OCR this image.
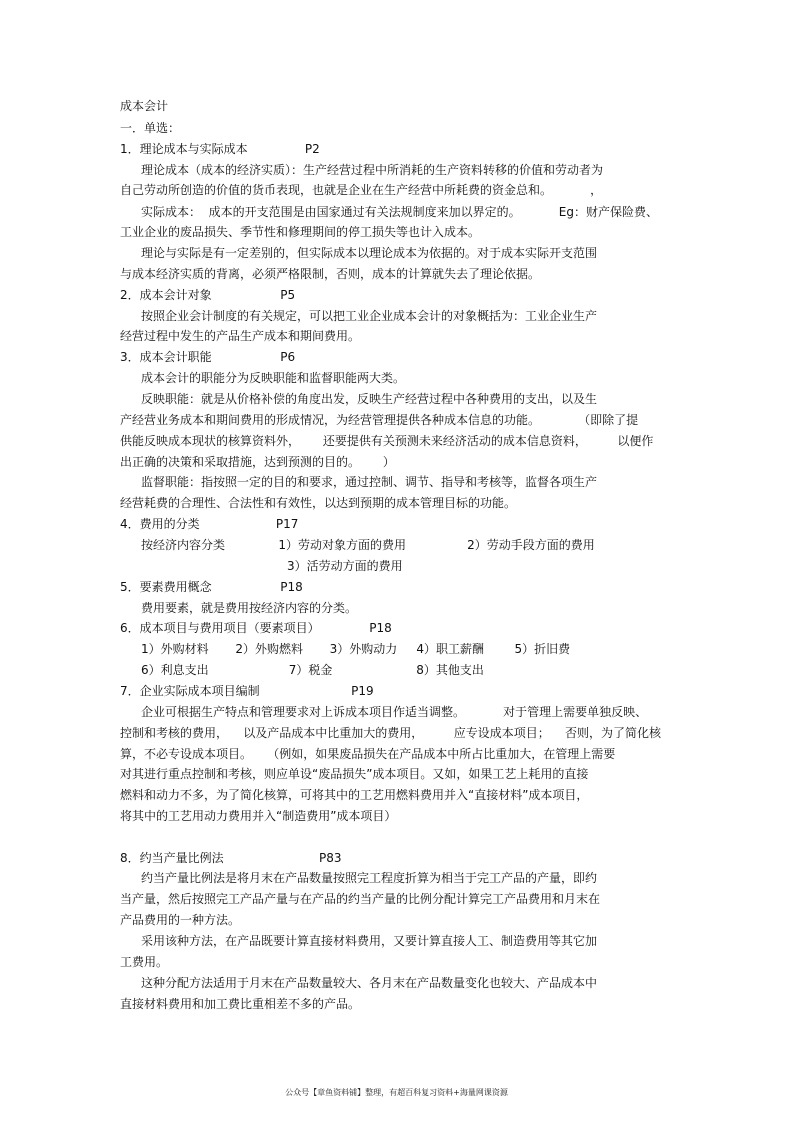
成本会计
一．单选：
1．理论成本与实际成本               P2
理论成本（成本的经济实质）：生产经营过程中所消耗的生产资料转移的价值和劳动者为
自己劳动所创造的价值的货币表现，也就是企业在生产经营中所耗费的资金总和。          ，
实际成本：  成本的开支范围是由国家通过有关法规制度来加以界定的。          Eg：财产保险费、
工业企业的废品损失、季节性和修理期间的停工损失等也计入成本。
理论与实际是有一定差别的，但实际成本以理论成本为依据的。对于成本实际开支范围
与成本经济实质的背离，必须严格限制，否则，成本的计算就失去了理论依据。
2．成本会计对象                  P5
按照企业会计制度的有关规定，可以把工业企业成本会计的对象概括为：工业企业生产
经营过程中发生的产品生产成本和期间费用。
3．成本会计职能                  P6
成本会计的职能分为反映职能和监督职能两大类。
反映职能：就是从价格补偿的角度出发，反映生产经营过程中各种费用的支出，以及生
产经营业务成本和期间费用的形成情况，为经营管理提供各种成本信息的功能。          （即除了提
供能反映成本现状的核算资料外，      还要提供有关预测未来经济活动的成本信息资料，        以便作
出正确的决策和采取措施，达到预测的目的。      ）
监督职能：指按照一定的目的和要求，通过控制、调节、指导和考核等，监督各项生产
经营耗费的合理性、合法性和有效性，以达到预期的成本管理目标的功能。
4．费用的分类                    P17
按经济内容分类              1）劳动对象方面的费用                2）劳动手段方面的费用
3）活劳动方面的费用
5．要素费用概念                  P18
费用要素，就是费用按经济内容的分类。
6．成本项目与费用项目（要素项目）             P18
1）外购材料       2）外购燃料       3）外购动力     4）职工薪酬        5）折旧费
6）利息支出                     7）税金                      8）其他支出
7．企业实际成本项目编制                        P19
企业可根据生产特点和管理要求对上诉成本项目作适当调整。          对于管理上需要单独反映、
控制和考核的费用，    以及产品成本中比重加大的费用，        应专设成本项目；    否则，为了简化核
算，不必专设成本项目。    （例如，如果废品损失在产品成本中所占比重加大，在管理上需要
对其进行重点控制和考核，则应单设“废品损失”成本项目。又如，如果工艺上耗用的直接
燃料和动力不多，为了简化核算，可将其中的工艺用燃料费用并入“直接材料”成本项目，
将其中的工艺用动力费用并入“制造费用”成本项目）
8．约当产量比例法                         P83
约当产量比例法是将月末在产品数量按照完工程度折算为相当于完工产品的产量，即约
当产量，然后按照完工产品产量与在产品的约当产量的比例分配计算完工产品费用和月末在
产品费用的一种方法。
采用该种方法，在产品既要计算直接材料费用，又要计算直接人工、制造费用等其它加
工费用。
这种分配方法适用于月末在产品数量较大、各月末在产品数量变化也较大、产品成本中
直接材料费用和加工费比重相差不多的产品。
公众号【章鱼资料铺】整理，有超百科复习资料+海量网课资源
